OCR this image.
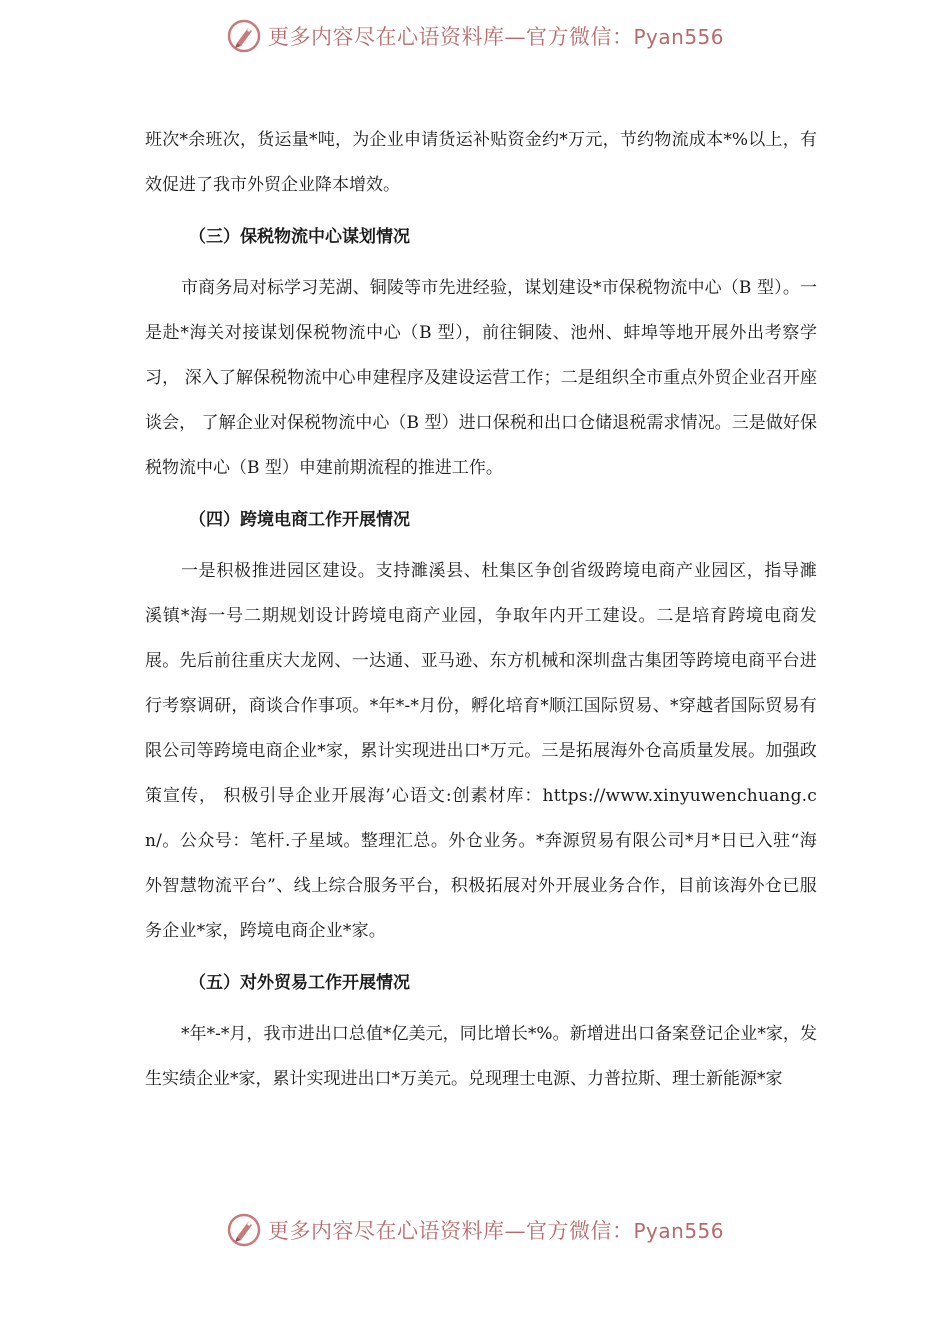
更多内容尽在心语资料库—官方微信：Pyan556

班次*余班次，货运量*吨，为企业申请货运补贴资金约*万元，节约物流成本*%以上，有效促进了我市外贸企业降本增效。

（三）保税物流中心谋划情况

市商务局对标学习芜湖、铜陵等市先进经验，谋划建设*市保税物流中心（B 型）。一是赴*海关对接谋划保税物流中心（B 型），前往铜陵、池州、蚌埠等地开展外出考察学习， 深入了解保税物流中心申建程序及建设运营工作；二是组织全市重点外贸企业召开座谈会， 了解企业对保税物流中心（B 型）进口保税和出口仓储退税需求情况。三是做好保税物流中心（B 型）申建前期流程的推进工作。

（四）跨境电商工作开展情况

一是积极推进园区建设。支持濉溪县、杜集区争创省级跨境电商产业园区，指导濉溪镇*海一号二期规划设计跨境电商产业园，争取年内开工建设。二是培育跨境电商发展。先后前往重庆大龙网、一达通、亚马逊、东方机械和深圳盘古集团等跨境电商平台进行考察调研，商谈合作事项。*年*-*月份，孵化培育*顺江国际贸易、*穿越者国际贸易有限公司等跨境电商企业*家，累计实现进出口*万元。三是拓展海外仓高质量发展。加强政策宣传， 积极引导企业开展海’心语文:创素材库：https://www.xinyuwenchuang.cn/。公众号：笔杆.子星域。整理汇总。外仓业务。*奔源贸易有限公司*月*日已入驻“海外智慧物流平台”、线上综合服务平台，积极拓展对外开展业务合作，目前该海外仓已服务企业*家，跨境电商企业*家。

（五）对外贸易工作开展情况

*年*-*月，我市进出口总值*亿美元，同比增长*%。新增进出口备案登记企业*家，发生实绩企业*家，累计实现进出口*万美元。兑现理士电源、力普拉斯、理士新能源*家

更多内容尽在心语资料库—官方微信：Pyan556
